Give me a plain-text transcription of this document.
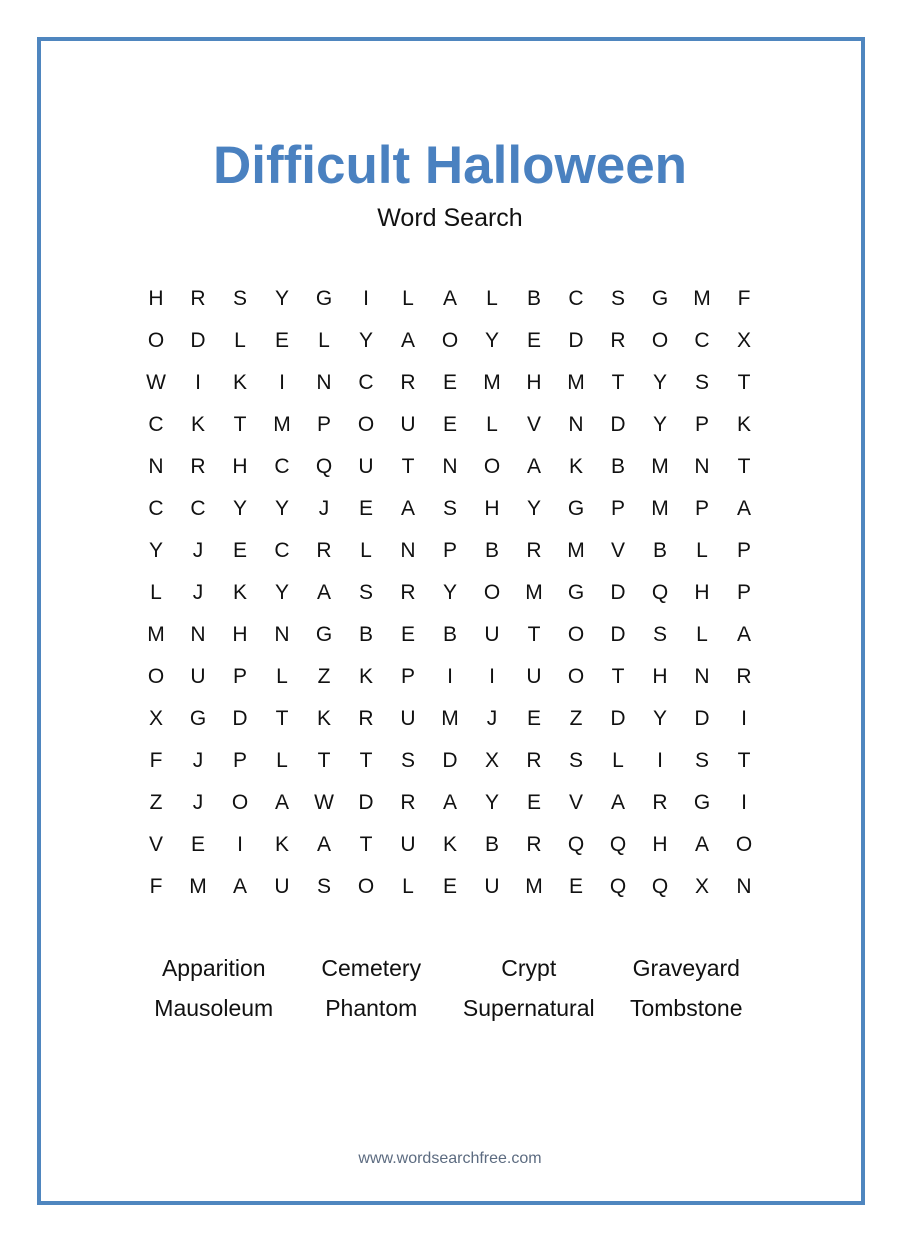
Difficult Halloween
Word Search
H	R	S	Y	G	I	L	A	L	B	C	S	G	M	F
O	D	L	E	L	Y	A	O	Y	E	D	R	O	C	X
W	I	K	I	N	C	R	E	M	H	M	T	Y	S	T
C	K	T	M	P	O	U	E	L	V	N	D	Y	P	K
N	R	H	C	Q	U	T	N	O	A	K	B	M	N	T
C	C	Y	Y	J	E	A	S	H	Y	G	P	M	P	A
Y	J	E	C	R	L	N	P	B	R	M	V	B	L	P
L	J	K	Y	A	S	R	Y	O	M	G	D	Q	H	P
M	N	H	N	G	B	E	B	U	T	O	D	S	L	A
O	U	P	L	Z	K	P	I	I	U	O	T	H	N	R
X	G	D	T	K	R	U	M	J	E	Z	D	Y	D	I
F	J	P	L	T	T	S	D	X	R	S	L	I	S	T
Z	J	O	A	W	D	R	A	Y	E	V	A	R	G	I
V	E	I	K	A	T	U	K	B	R	Q	Q	H	A	O
F	M	A	U	S	O	L	E	U	M	E	Q	Q	X	N
Apparition	Cemetery	Crypt	Graveyard
Mausoleum	Phantom	Supernatural	Tombstone
www.wordsearchfree.com
